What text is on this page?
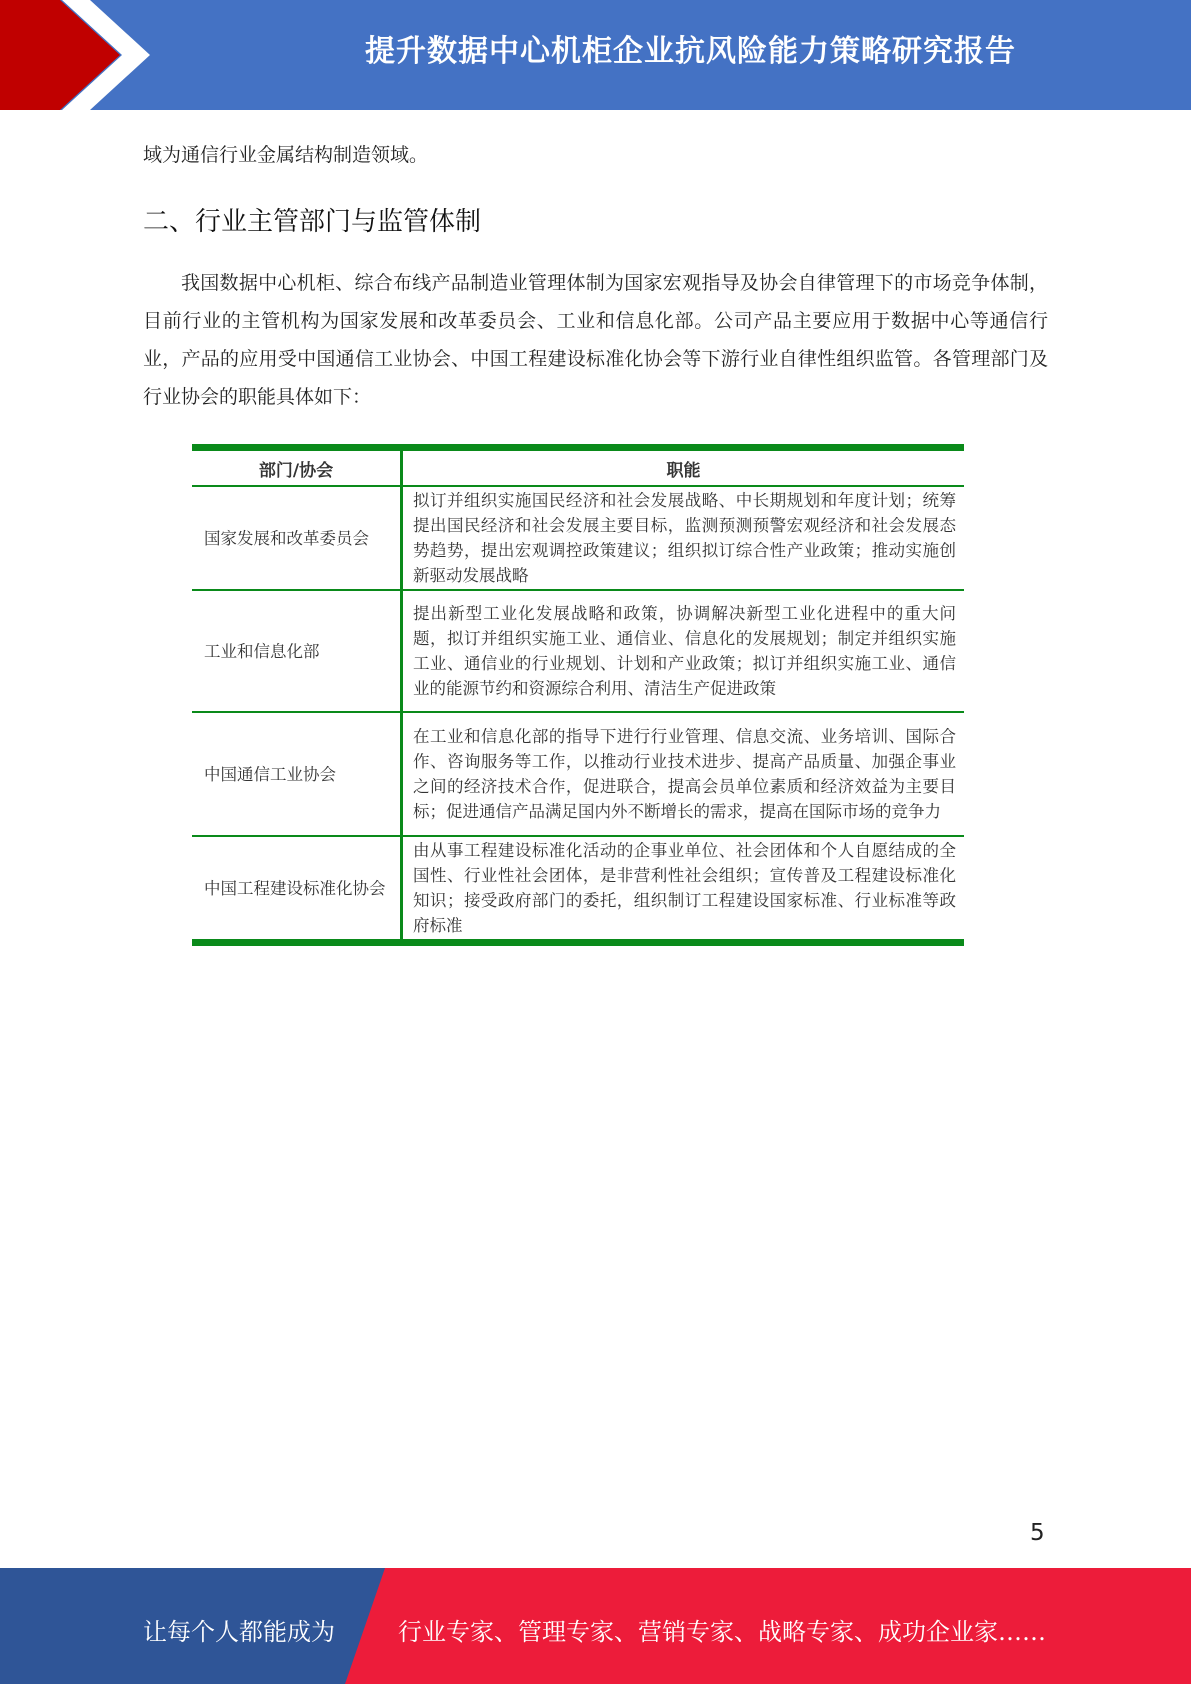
提升数据中心机柜企业抗风险能力策略研究报告

域为通信行业金属结构制造领域。

二、行业主管部门与监管体制

我国数据中心机柜、综合布线产品制造业管理体制为国家宏观指导及协会自律管理下的市场竞争体制，目前行业的主管机构为国家发展和改革委员会、工业和信息化部。公司产品主要应用于数据中心等通信行业，产品的应用受中国通信工业协会、中国工程建设标准化协会等下游行业自律性组织监管。各管理部门及行业协会的职能具体如下：

部门/协会	职能
国家发展和改革委员会	拟订并组织实施国民经济和社会发展战略、中长期规划和年度计划；统筹提出国民经济和社会发展主要目标，监测预测预警宏观经济和社会发展态势趋势，提出宏观调控政策建议；组织拟订综合性产业政策；推动实施创新驱动发展战略
工业和信息化部	提出新型工业化发展战略和政策，协调解决新型工业化进程中的重大问题，拟订并组织实施工业、通信业、信息化的发展规划；制定并组织实施工业、通信业的行业规划、计划和产业政策；拟订并组织实施工业、通信业的能源节约和资源综合利用、清洁生产促进政策
中国通信工业协会	在工业和信息化部的指导下进行行业管理、信息交流、业务培训、国际合作、咨询服务等工作，以推动行业技术进步、提高产品质量、加强企事业之间的经济技术合作，促进联合，提高会员单位素质和经济效益为主要目标；促进通信产品满足国内外不断增长的需求，提高在国际市场的竞争力
中国工程建设标准化协会	由从事工程建设标准化活动的企事业单位、社会团体和个人自愿结成的全国性、行业性社会团体，是非营利性社会组织；宣传普及工程建设标准化知识；接受政府部门的委托，组织制订工程建设国家标准、行业标准等政府标准
5
让每个人都能成为	行业专家、管理专家、营销专家、战略专家、成功企业家……
